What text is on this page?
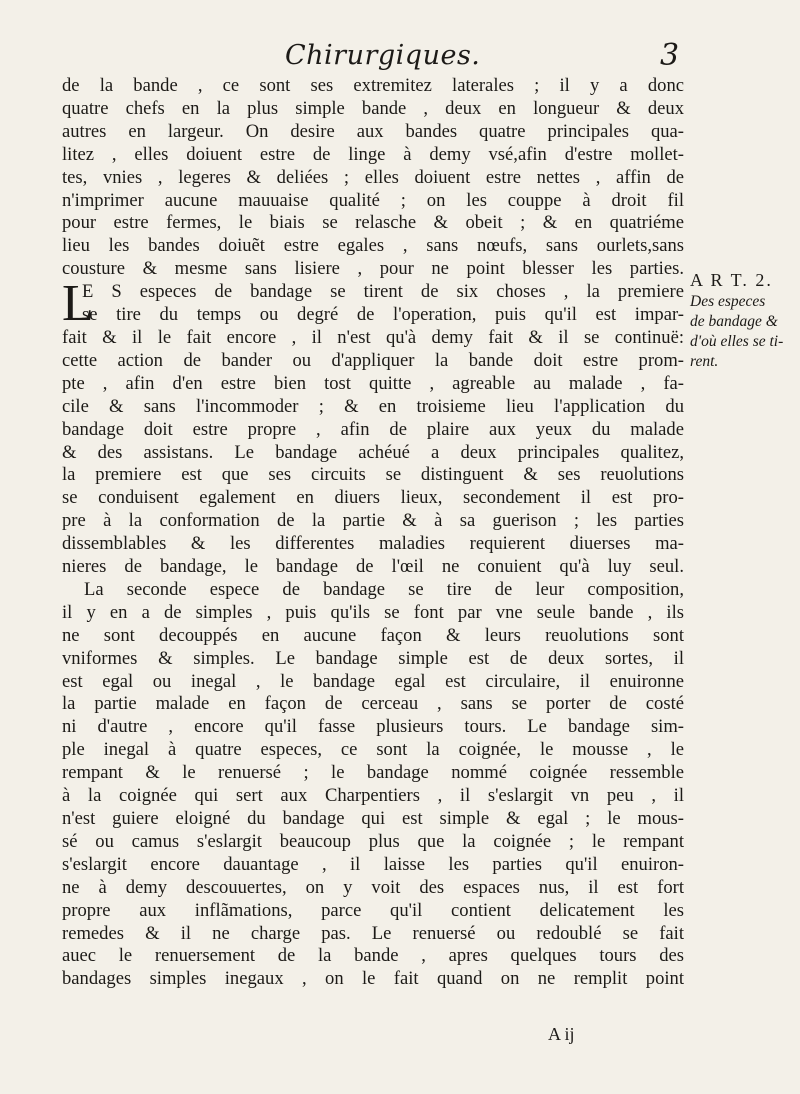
Chirurgiques.	3
de la bande , ce sont ses extremitez laterales ; il y a donc
quatre chefs en la plus simple bande , deux en longueur & deux
autres en largeur. On desire aux bandes quatre principales qua-
litez , elles doiuent estre de linge à demy vsé,afin d'estre mollet-
tes, vnies , legeres & deliées ; elles doiuent estre nettes , affin de
n'imprimer aucune mauuaise qualité ; on les couppe à droit fil
pour estre fermes, le biais se relasche & obeit ; & en quatriéme
lieu les bandes doiuẽt estre egales , sans nœufs, sans ourlets,sans
cousture & mesme sans lisiere , pour ne point blesser les parties.
L
E S especes de bandage se tirent de six choses , la premiere
se tire du temps ou degré de l'operation, puis qu'il est impar-
fait & il le fait encore , il n'est qu'à demy fait & il se continuë:
cette action de bander ou d'appliquer la bande doit estre prom-
pte , afin d'en estre bien tost quitte , agreable au malade , fa-
cile & sans l'incommoder ; & en troisieme lieu l'application du
bandage doit estre propre , afin de plaire aux yeux du malade
& des assistans. Le bandage achéué a deux principales qualitez,
la premiere est que ses circuits se distinguent & ses reuolutions
se conduisent egalement en diuers lieux, secondement il est pro-
pre à la conformation de la partie & à sa guerison ; les parties
dissemblables & les differentes maladies requierent diuerses ma-
nieres de bandage, le bandage de l'œil ne conuient qu'à luy seul.
La seconde espece de bandage se tire de leur composition,
il y en a de simples , puis qu'ils se font par vne seule bande , ils
ne sont decouppés en aucune façon & leurs reuolutions sont
vniformes & simples. Le bandage simple est de deux sortes, il
est egal ou inegal , le bandage egal est circulaire, il enuironne
la partie malade en façon de cerceau , sans se porter de costé
ni d'autre , encore qu'il fasse plusieurs tours. Le bandage sim-
ple inegal à quatre especes, ce sont la coignée, le mousse , le
rempant & le renuersé ; le bandage nommé coignée ressemble
à la coignée qui sert aux Charpentiers , il s'eslargit vn peu , il
n'est guiere eloigné du bandage qui est simple & egal ; le mous-
sé ou camus s'eslargit beaucoup plus que la coignée ; le rempant
s'eslargit encore dauantage , il laisse les parties qu'il enuiron-
ne à demy descouuertes, on y voit des espaces nus, il est fort
propre aux inflãmations, parce qu'il contient delicatement les
remedes & il ne charge pas. Le renuersé ou redoublé se fait
auec le renuersement de la bande , apres quelques tours des
bandages simples inegaux , on le fait quand on ne remplit point
A R T. 2.
Des especes
de bandage &
d'où elles se ti-
rent.
A ij
